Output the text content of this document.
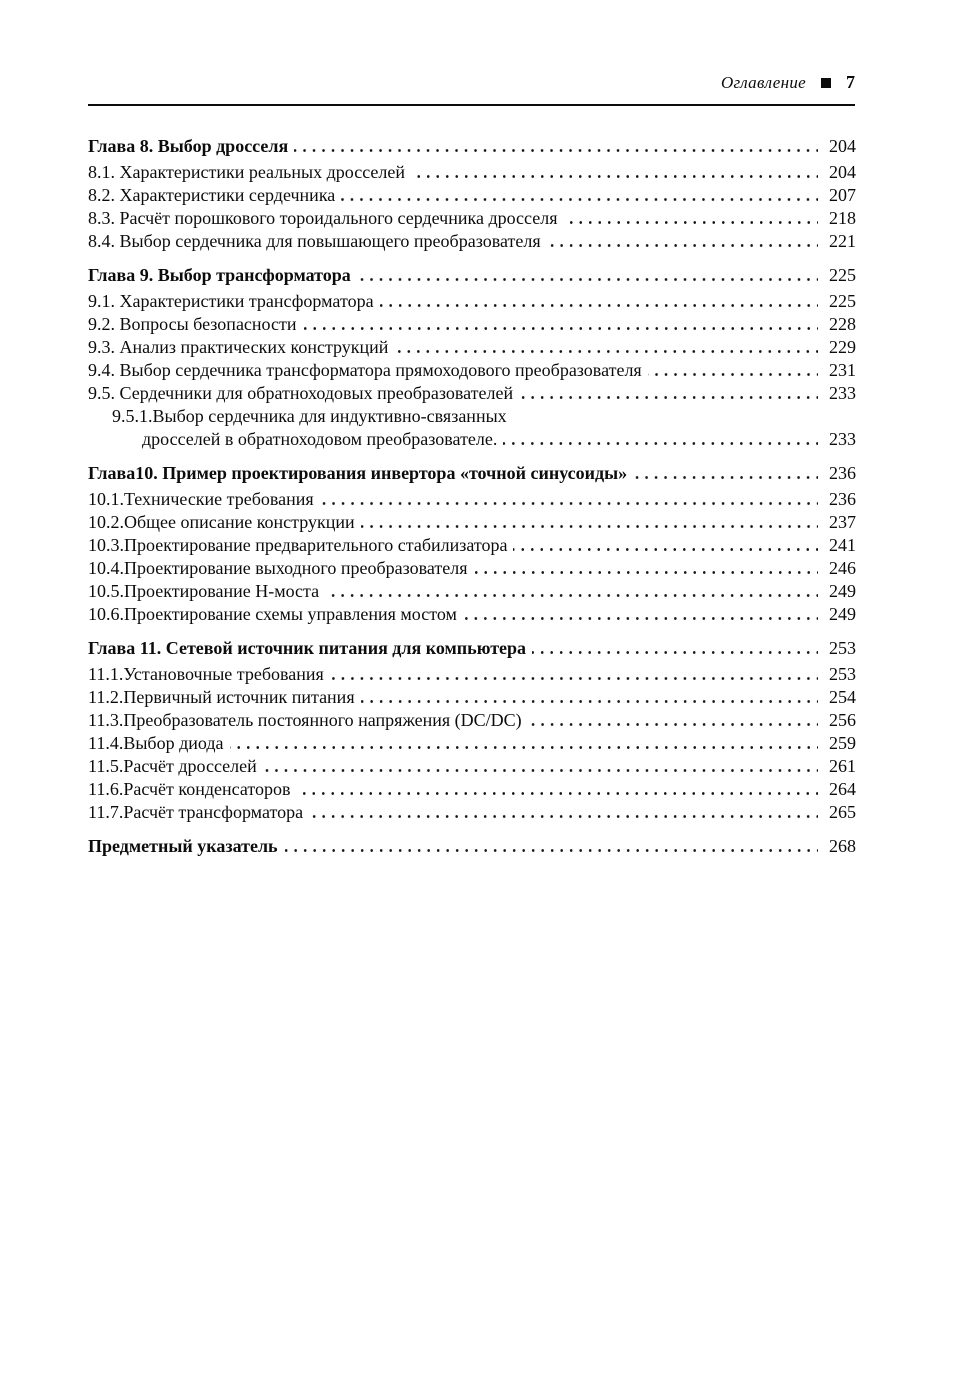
Оглавление 7
Глава 8. Выбор дросселя	204
8.1. Характеристики реальных дросселей	204
8.2. Характеристики сердечника	207
8.3. Расчёт порошкового тороидального сердечника дросселя	218
8.4. Выбор сердечника для повышающего преобразователя	221
Глава 9. Выбор трансформатора	225
9.1. Характеристики трансформатора	225
9.2. Вопросы безопасности	228
9.3. Анализ практических конструкций	229
9.4. Выбор сердечника трансформатора прямоходового преобразователя	231
9.5. Сердечники для обратноходовых преобразователей	233
9.5.1.Выбор сердечника для индуктивно-связанных
дросселей в обратноходовом преобразователе.	233
Глава10. Пример проектирования инвертора «точной синусоиды»	236
10.1.Технические требования	236
10.2.Общее описание конструкции	237
10.3.Проектирование предварительного стабилизатора	241
10.4.Проектирование выходного преобразователя	246
10.5.Проектирование Н-моста	249
10.6.Проектирование схемы управления мостом	249
Глава 11. Сетевой источник питания для компьютера	253
11.1.Установочные требования	253
11.2.Первичный источник питания	254
11.3.Преобразователь постоянного напряжения (DC/DC)	256
11.4.Выбор диода	259
11.5.Расчёт дросселей	261
11.6.Расчёт конденсаторов	264
11.7.Расчёт трансформатора	265
Предметный указатель	268
